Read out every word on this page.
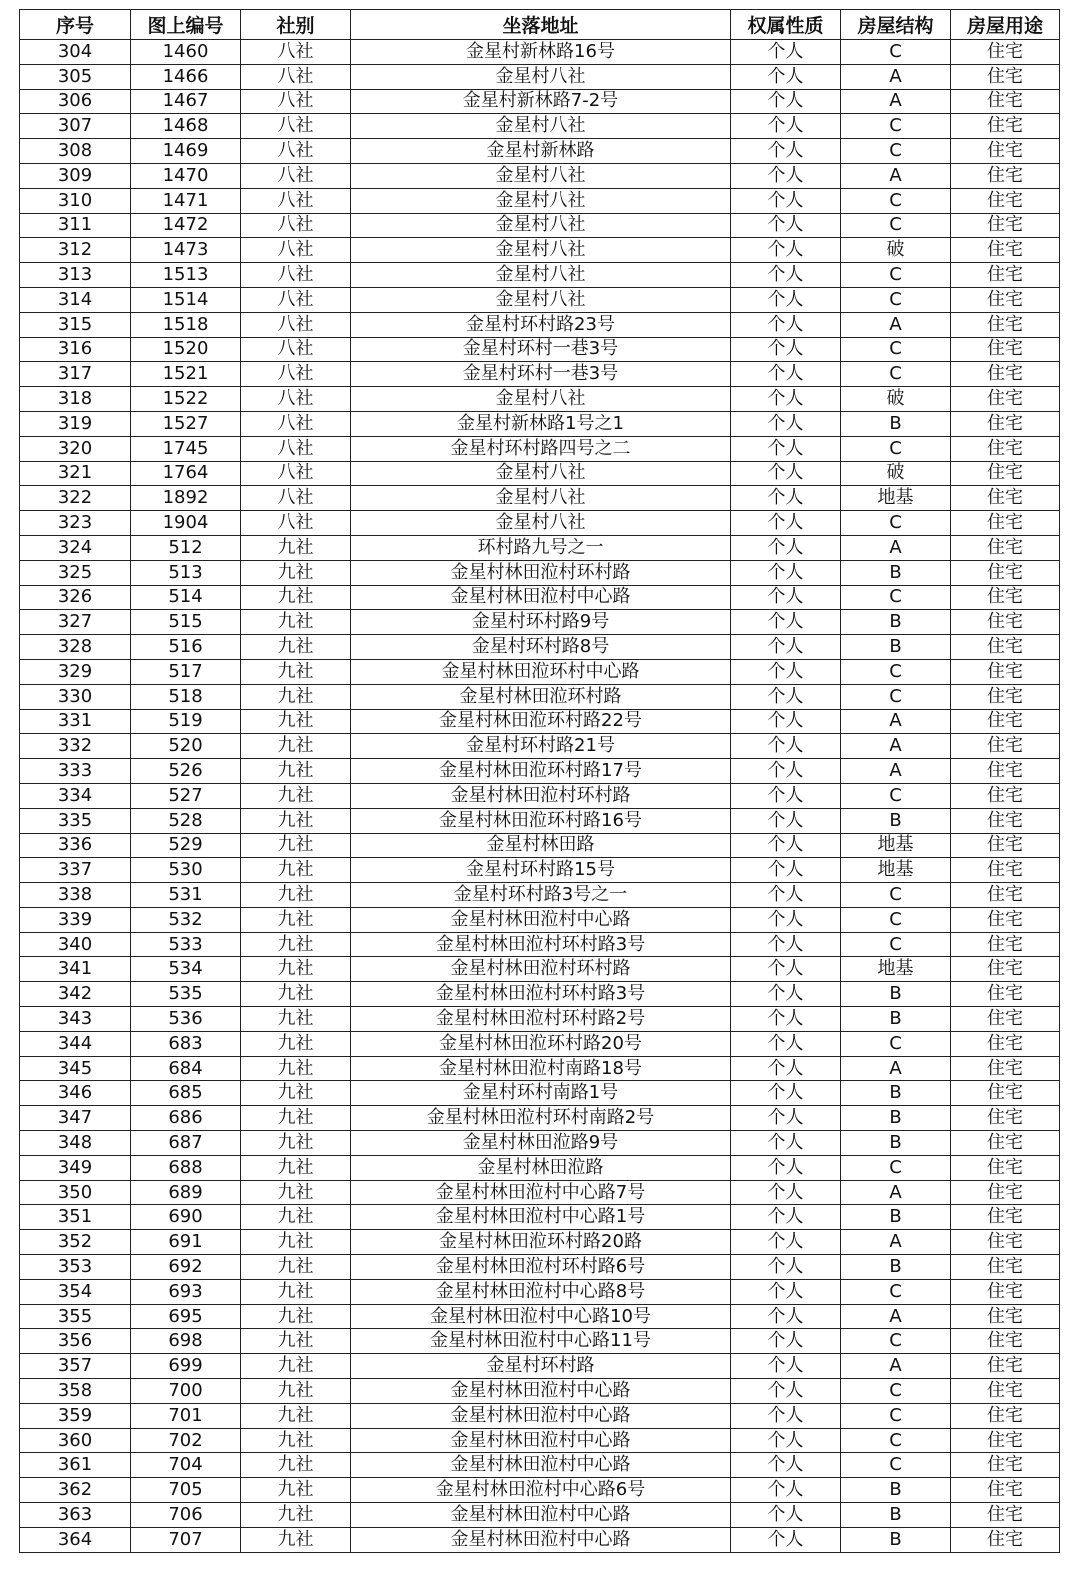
序号	图上编号	社别	坐落地址	权属性质	房屋结构	房屋用途
304	1460	八社	金星村新林路16号	个人	C	住宅
305	1466	八社	金星村八社	个人	A	住宅
306	1467	八社	金星村新林路7-2号	个人	A	住宅
307	1468	八社	金星村八社	个人	C	住宅
308	1469	八社	金星村新林路	个人	C	住宅
309	1470	八社	金星村八社	个人	A	住宅
310	1471	八社	金星村八社	个人	C	住宅
311	1472	八社	金星村八社	个人	C	住宅
312	1473	八社	金星村八社	个人	破	住宅
313	1513	八社	金星村八社	个人	C	住宅
314	1514	八社	金星村八社	个人	C	住宅
315	1518	八社	金星村环村路23号	个人	A	住宅
316	1520	八社	金星村环村一巷3号	个人	C	住宅
317	1521	八社	金星村环村一巷3号	个人	C	住宅
318	1522	八社	金星村八社	个人	破	住宅
319	1527	八社	金星村新林路1号之1	个人	B	住宅
320	1745	八社	金星村环村路四号之二	个人	C	住宅
321	1764	八社	金星村八社	个人	破	住宅
322	1892	八社	金星村八社	个人	地基	住宅
323	1904	八社	金星村八社	个人	C	住宅
324	512	九社	环村路九号之一	个人	A	住宅
325	513	九社	金星村林田涖村环村路	个人	B	住宅
326	514	九社	金星村林田涖村中心路	个人	C	住宅
327	515	九社	金星村环村路9号	个人	B	住宅
328	516	九社	金星村环村路8号	个人	B	住宅
329	517	九社	金星村林田涖环村中心路	个人	C	住宅
330	518	九社	金星村林田涖环村路	个人	C	住宅
331	519	九社	金星村林田涖环村路22号	个人	A	住宅
332	520	九社	金星村环村路21号	个人	A	住宅
333	526	九社	金星村林田涖环村路17号	个人	A	住宅
334	527	九社	金星村林田涖村环村路	个人	C	住宅
335	528	九社	金星村林田涖环村路16号	个人	B	住宅
336	529	九社	金星村林田路	个人	地基	住宅
337	530	九社	金星村环村路15号	个人	地基	住宅
338	531	九社	金星村环村路3号之一	个人	C	住宅
339	532	九社	金星村林田涖村中心路	个人	C	住宅
340	533	九社	金星村林田涖村环村路3号	个人	C	住宅
341	534	九社	金星村林田涖村环村路	个人	地基	住宅
342	535	九社	金星村林田涖村环村路3号	个人	B	住宅
343	536	九社	金星村林田涖村环村路2号	个人	B	住宅
344	683	九社	金星村林田涖环村路20号	个人	C	住宅
345	684	九社	金星村林田涖村南路18号	个人	A	住宅
346	685	九社	金星村环村南路1号	个人	B	住宅
347	686	九社	金星村林田涖村环村南路2号	个人	B	住宅
348	687	九社	金星村林田涖路9号	个人	B	住宅
349	688	九社	金星村林田涖路	个人	C	住宅
350	689	九社	金星村林田涖村中心路7号	个人	A	住宅
351	690	九社	金星村林田涖村中心路1号	个人	B	住宅
352	691	九社	金星村林田涖环村路20路	个人	A	住宅
353	692	九社	金星村林田涖村环村路6号	个人	B	住宅
354	693	九社	金星村林田涖村中心路8号	个人	C	住宅
355	695	九社	金星村林田涖村中心路10号	个人	A	住宅
356	698	九社	金星村林田涖村中心路11号	个人	C	住宅
357	699	九社	金星村环村路	个人	A	住宅
358	700	九社	金星村林田涖村中心路	个人	C	住宅
359	701	九社	金星村林田涖村中心路	个人	C	住宅
360	702	九社	金星村林田涖村中心路	个人	C	住宅
361	704	九社	金星村林田涖村中心路	个人	C	住宅
362	705	九社	金星村林田涖村中心路6号	个人	B	住宅
363	706	九社	金星村林田涖村中心路	个人	B	住宅
364	707	九社	金星村林田涖村中心路	个人	B	住宅
